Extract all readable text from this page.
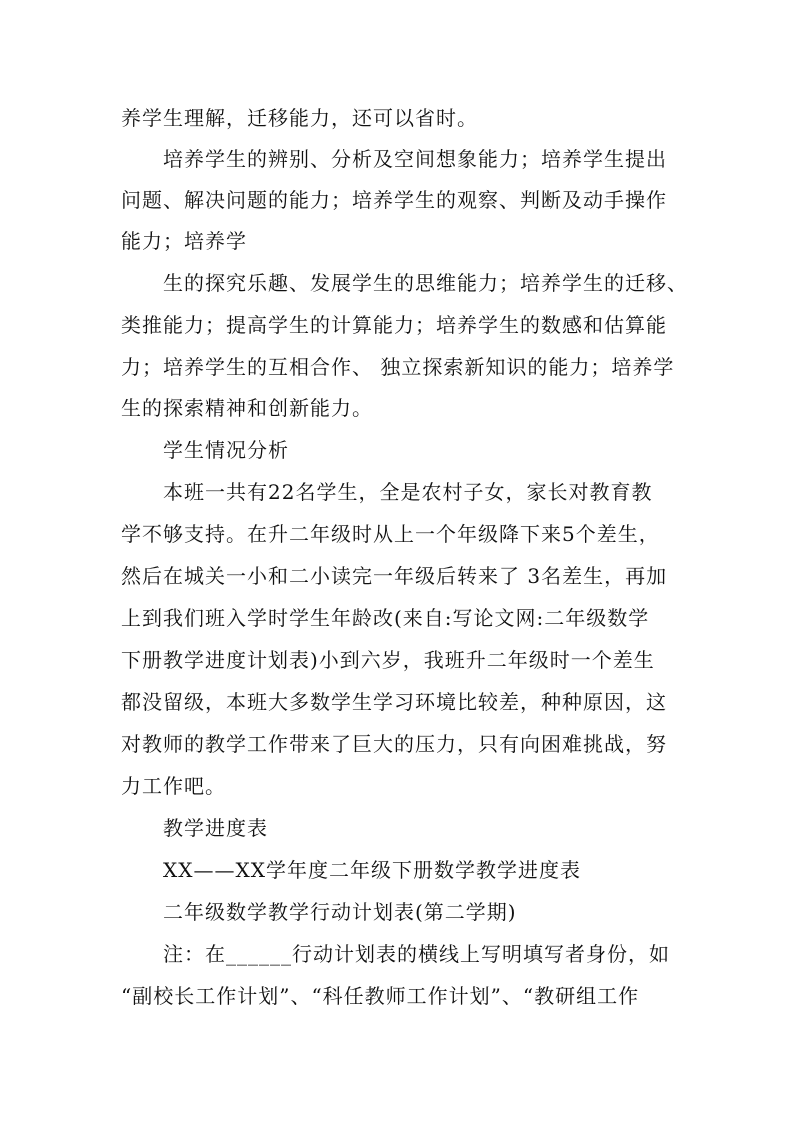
养学生理解，迁移能力，还可以省时。
培养学生的辨别、分析及空间想象能力；培养学生提出
问题、解决问题的能力；培养学生的观察、判断及动手操作
能力；培养学
生的探究乐趣、发展学生的思维能力；培养学生的迁移、
类推能力；提高学生的计算能力；培养学生的数感和估算能
力；培养学生的互相合作、 独立探索新知识的能力；培养学
生的探索精神和创新能力。
学生情况分析
本班一共有22名学生，全是农村子女，家长对教育教
学不够支持。在升二年级时从上一个年级降下来5个差生，
然后在城关一小和二小读完一年级后转来了 3名差生，再加
上到我们班入学时学生年龄改(来自:写论文网:二年级数学
下册教学进度计划表)小到六岁，我班升二年级时一个差生
都没留级，本班大多数学生学习环境比较差，种种原因，这
对教师的教学工作带来了巨大的压力，只有向困难挑战，努
力工作吧。
教学进度表
XX——XX学年度二年级下册数学教学进度表
二年级数学教学行动计划表(第二学期)
注：在______行动计划表的横线上写明填写者身份，如
“副校长工作计划”、“科任教师工作计划”、“教研组工作
